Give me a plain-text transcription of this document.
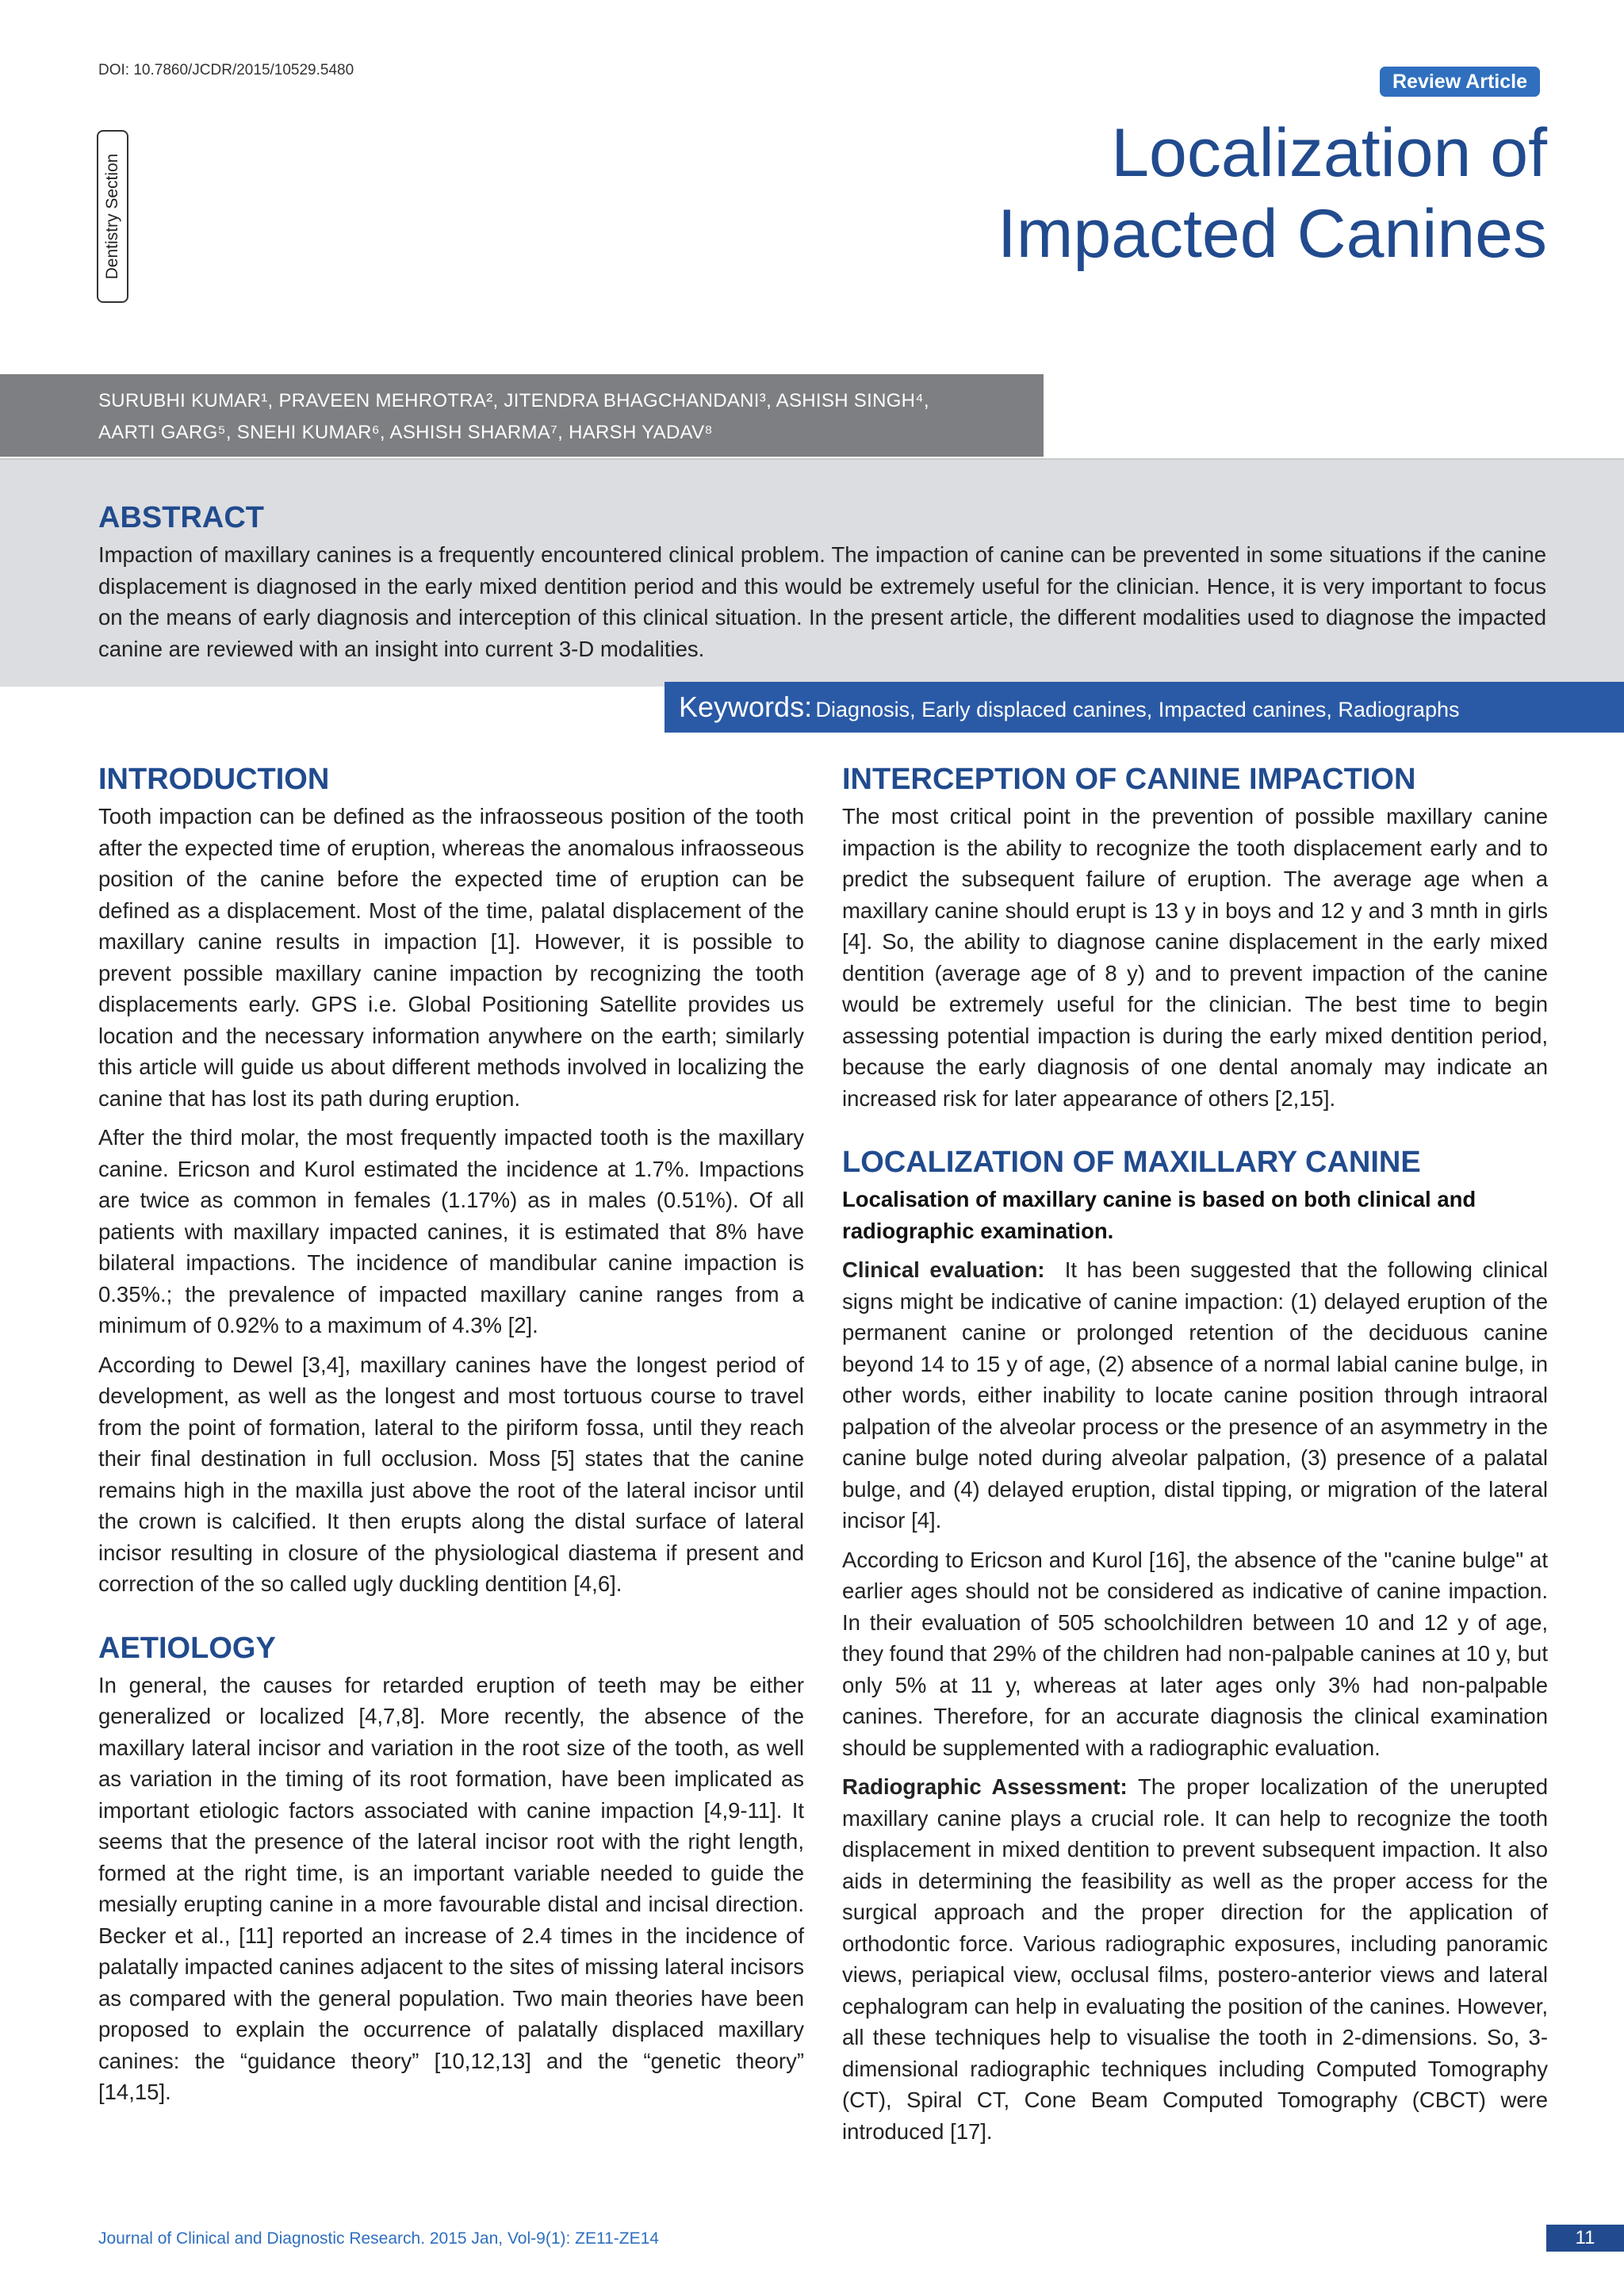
DOI: 10.7860/JCDR/2015/10529.5480
Review Article
Dentistry Section
Localization of
Impacted Canines
SURUBHI KUMAR¹, PRAVEEN MEHROTRA², JITENDRA BHAGCHANDANI³, ASHISH SINGH⁴,
AARTI GARG⁵, SNEHI KUMAR⁶, ASHISH SHARMA⁷, HARSH YADAV⁸
ABSTRACT
Impaction of maxillary canines is a frequently encountered clinical problem. The impaction of canine can be prevented in some situations if the canine displacement is diagnosed in the early mixed dentition period and this would be extremely useful for the clinician. Hence, it is very important to focus on the means of early diagnosis and interception of this clinical situation. In the present article, the different modalities used to diagnose the impacted canine are reviewed with an insight into current 3-D modalities.
Keywords: Diagnosis, Early displaced canines, Impacted canines, Radiographs
INTRODUCTION

Tooth impaction can be defined as the infraosseous position of the tooth after the expected time of eruption, whereas the anomalous infraosseous position of the canine before the expected time of eruption can be defined as a displacement. Most of the time, palatal displacement of the maxillary canine results in impaction [1]. However, it is possible to prevent possible maxillary canine impaction by recognizing the tooth displacements early. GPS i.e. Global Positioning Satellite provides us location and the necessary information anywhere on the earth; similarly this article will guide us about different methods involved in localizing the canine that has lost its path during eruption.

After the third molar, the most frequently impacted tooth is the maxillary canine. Ericson and Kurol estimated the incidence at 1.7%. Impactions are twice as common in females (1.17%) as in males (0.51%). Of all patients with maxillary impacted canines, it is estimated that 8% have bilateral impactions. The incidence of mandibular canine impaction is 0.35%.; the prevalence of impacted maxillary canine ranges from a minimum of 0.92% to a maximum of 4.3% [2].

According to Dewel [3,4], maxillary canines have the longest period of development, as well as the longest and most tortuous course to travel from the point of formation, lateral to the piriform fossa, until they reach their final destination in full occlusion. Moss [5] states that the canine remains high in the maxilla just above the root of the lateral incisor until the crown is calcified. It then erupts along the distal surface of lateral incisor resulting in closure of the physiological diastema if present and correction of the so called ugly duckling dentition [4,6].

AETIOLOGY

In general, the causes for retarded eruption of teeth may be either generalized or localized [4,7,8]. More recently, the absence of the maxillary lateral incisor and variation in the root size of the tooth, as well as variation in the timing of its root formation, have been implicated as important etiologic factors associated with canine impaction [4,9-11]. It seems that the presence of the lateral incisor root with the right length, formed at the right time, is an important variable needed to guide the mesially erupting canine in a more favourable distal and incisal direction. Becker et al., [11] reported an increase of 2.4 times in the incidence of palatally impacted canines adjacent to the sites of missing lateral incisors as compared with the general population. Two main theories have been proposed to explain the occurrence of palatally displaced maxillary canines: the “guidance theory” [10,12,13] and the “genetic theory” [14,15].

INTERCEPTION OF CANINE IMPACTION

The most critical point in the prevention of possible maxillary canine impaction is the ability to recognize the tooth displacement early and to predict the subsequent failure of eruption. The average age when a maxillary canine should erupt is 13 y in boys and 12 y and 3 mnth in girls [4]. So, the ability to diagnose canine displacement in the early mixed dentition (average age of 8 y) and to prevent impaction of the canine would be extremely useful for the clinician. The best time to begin assessing potential impaction is during the early mixed dentition period, because the early diagnosis of one dental anomaly may indicate an increased risk for later appearance of others [2,15].

LOCALIZATION OF MAXILLARY CANINE

Localisation of maxillary canine is based on both clinical and radiographic examination.

Clinical evaluation: It has been suggested that the following clinical signs might be indicative of canine impaction: (1) delayed eruption of the permanent canine or prolonged retention of the deciduous canine beyond 14 to 15 y of age, (2) absence of a normal labial canine bulge, in other words, either inability to locate canine position through intraoral palpation of the alveolar process or the presence of an asymmetry in the canine bulge noted during alveolar palpation, (3) presence of a palatal bulge, and (4) delayed eruption, distal tipping, or migration of the lateral incisor [4].

According to Ericson and Kurol [16], the absence of the "canine bulge" at earlier ages should not be considered as indicative of canine impaction. In their evaluation of 505 schoolchildren between 10 and 12 y of age, they found that 29% of the children had non-palpable canines at 10 y, but only 5% at 11 y, whereas at later ages only 3% had non-palpable canines. Therefore, for an accurate diagnosis the clinical examination should be supplemented with a radiographic evaluation.

Radiographic Assessment: The proper localization of the unerupted maxillary canine plays a crucial role. It can help to recognize the tooth displacement in mixed dentition to prevent subsequent impaction. It also aids in determining the feasibility as well as the proper access for the surgical approach and the proper direction for the application of orthodontic force. Various radiographic exposures, including panoramic views, periapical view, occlusal films, postero-anterior views and lateral cephalogram can help in evaluating the position of the canines. However, all these techniques help to visualise the tooth in 2-dimensions. So, 3-dimensional radiographic techniques including Computed Tomography (CT), Spiral CT, Cone Beam Computed Tomography (CBCT) were introduced [17].

Journal of Clinical and Diagnostic Research. 2015 Jan, Vol-9(1): ZE11-ZE14	11
